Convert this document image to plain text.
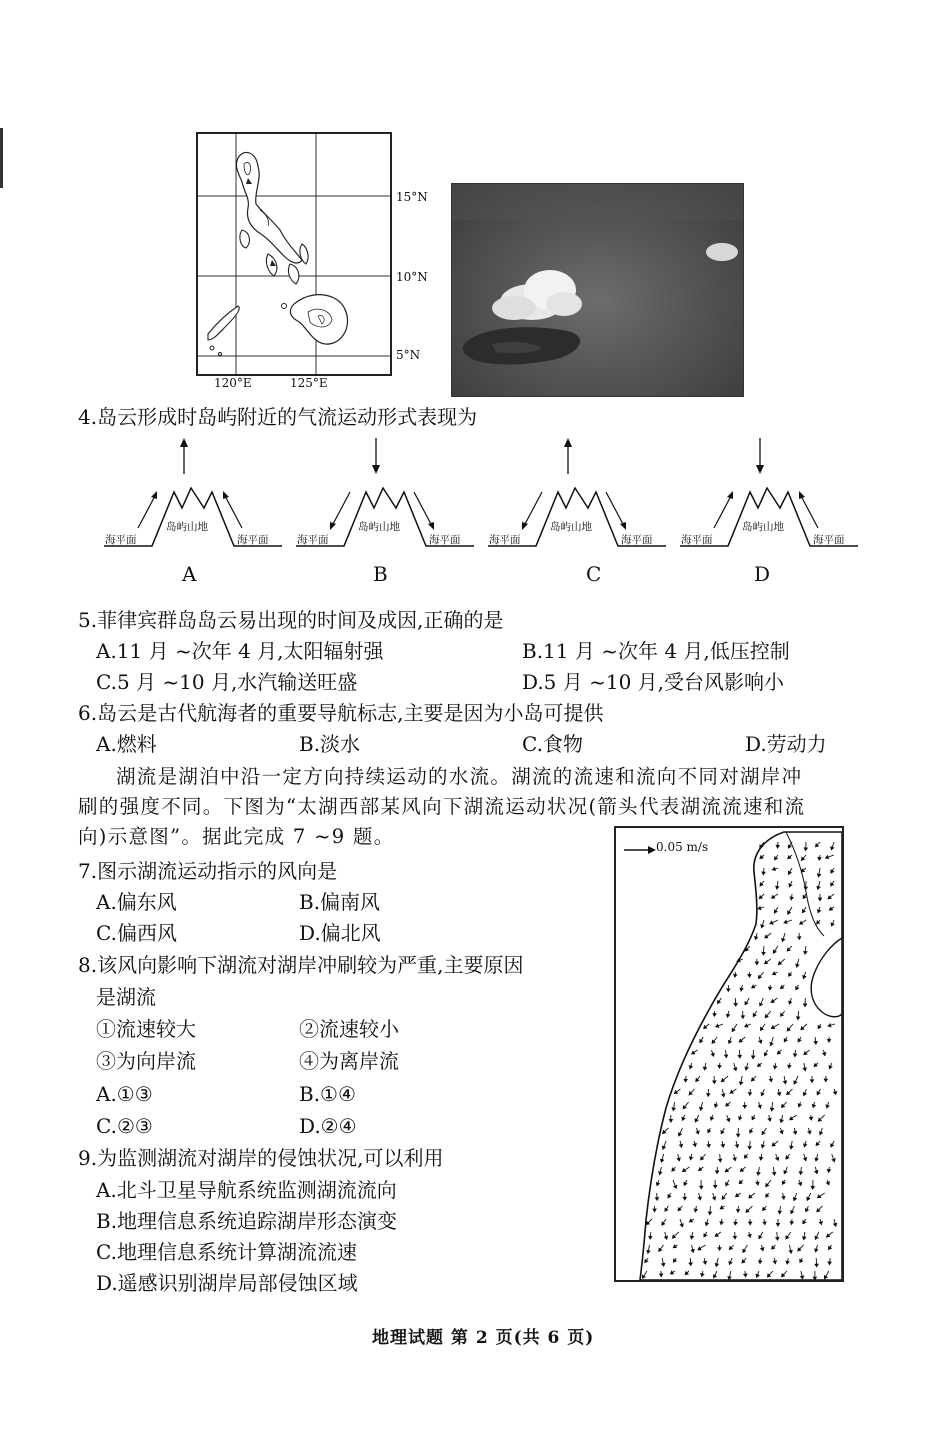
15°N
10°N
5°N
120°E	125°E
4.岛云形成时岛屿附近的气流运动形式表现为
岛屿山地
海平面	海平面
A
岛屿山地
海平面	海平面
B
岛屿山地
海平面	海平面
C
岛屿山地
海平面	海平面
D
5.菲律宾群岛岛云易出现的时间及成因,正确的是
A.11 月 ~次年 4 月,太阳辐射强	B.11 月 ~次年 4 月,低压控制
C.5 月 ~10 月,水汽输送旺盛	D.5 月 ~10 月,受台风影响小
6.岛云是古代航海者的重要导航标志,主要是因为小岛可提供
A.燃料	B.淡水	C.食物	D.劳动力
湖流是湖泊中沿一定方向持续运动的水流。湖流的流速和流向不同对湖岸冲
刷的强度不同。下图为“太湖西部某风向下湖流运动状况(箭头代表湖流流速和流
向)示意图”。据此完成 7 ~9 题。	0.05 m/s
7.图示湖流运动指示的风向是
A.偏东风	B.偏南风
C.偏西风	D.偏北风
8.该风向影响下湖流对湖岸冲刷较为严重,主要原因
是湖流
①流速较大	②流速较小
③为向岸流	④为离岸流
A.①③	B.①④
C.②③	D.②④
9.为监测湖流对湖岸的侵蚀状况,可以利用
A.北斗卫星导航系统监测湖流流向
B.地理信息系统追踪湖岸形态演变
C.地理信息系统计算湖流流速
D.遥感识别湖岸局部侵蚀区域
地理试题 第 2 页(共 6 页)
